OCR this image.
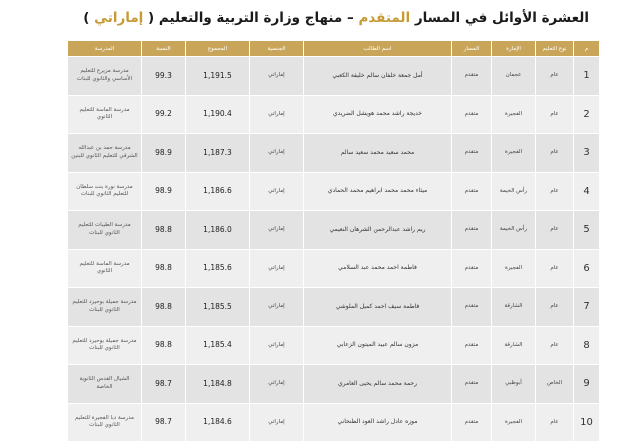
العشرة الأوائل في المسار المتقدم – منهاج وزارة التربية والتعليم ( إماراتي )
م	نوع التعليم	الإمارة	المسار	اسم الطالب	الجنسية	المجموع	النسبة	المدرسة
1	عام	عجمان	متقدم	أمل جمعة خلفان سالم خليفة الكعبي	إماراتي	1,191.5	99.3	مدرسة مزيرع للتعليم الأساسي والثانوي للبنات
2	عام	الفجيرة	متقدم	خديجة راشد محمد هويشل الضريدي	إماراتي	1,190.4	99.2	مدرسة الماسة للتعليم الثانوي
3	عام	الفجيرة	متقدم	محمد سعيد محمد سعيد سالم	إماراتي	1,187.3	98.9	مدرسة حمد بن عبدالله الشرقي للتعليم الثانوي للبنين
4	عام	رأس الخيمة	متقدم	ميثاء محمد محمد ابراهيم محمد الحمادي	إماراتي	1,186.6	98.9	مدرسة نورة بنت سلطان للتعليم الثانوي للبنات
5	عام	رأس الخيمة	متقدم	ريم راشد عبدالرحمن الشرهان النعيمي	إماراتي	1,186.0	98.8	مدرسة الطيبات للتعليم الثانوي للبنات
6	عام	الفجيرة	متقدم	فاطمة احمد محمد عبد السلامي	إماراتي	1,185.6	98.8	مدرسة الماسة للتعليم الثانوي
7	عام	الشارقة	متقدم	فاطمة سيف احمد كميل الملوشي	إماراتي	1,185.5	98.8	مدرسة جميلة بوحيرد للتعليم الثانوي للبنات
8	عام	الشارقة	متقدم	مزون سالم عبيد الميتون الزعابي	إماراتي	1,185.4	98.8	مدرسة جميلة بوحيرد للتعليم الثانوي للبنات
9	الخاص	أبوظبي	متقدم	رحمة محمد سالم يحيى العامري	إماراتي	1,184.8	98.7	الشيال القدس الثانوية الخاصة
10	عام	الفجيرة	متقدم	موزه عادل راشد العود الظنحاني	إماراتي	1,184.6	98.7	مدرسة دبا الفجيرة للتعليم الثانوي للبنات
